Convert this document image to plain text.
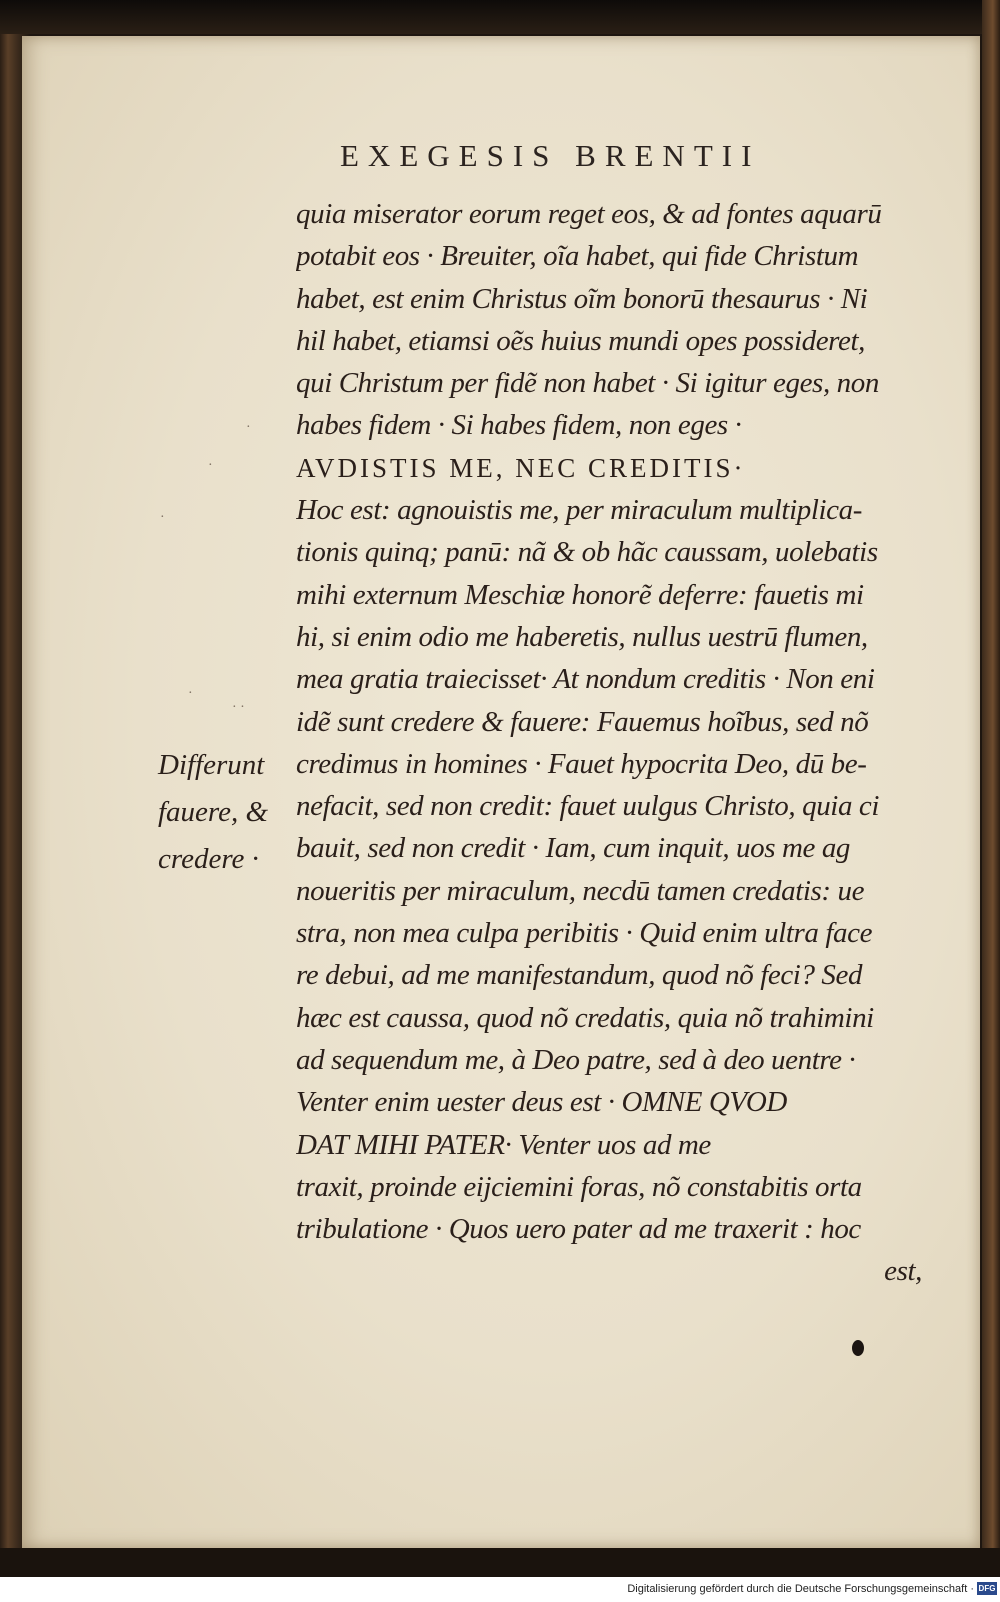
EXEGESIS BRENTII
quia miserator eorum reget eos, & ad fontes aquarū
potabit eos · Breuiter, oĩa habet, qui fide Christum
habet, est enim Christus oĩm bonorū thesaurus · Ni
hil habet, etiamsi oẽs huius mundi opes possideret,
qui Christum per fidẽ non habet · Si igitur eges, non
habes fidem · Si habes fidem, non eges ·
AVDISTIS ME, NEC CREDITIS·
Hoc est: agnouistis me, per miraculum multiplica-
tionis quinq; panū: nã & ob hãc caussam, uolebatis
mihi externum Meschiæ honorẽ deferre: fauetis mi
hi, si enim odio me haberetis, nullus uestrū flumen,
mea gratia traiecisset· At nondum creditis · Non eni
idẽ sunt credere & fauere: Fauemus hoĩbus, sed nõ
credimus in homines · Fauet hypocrita Deo, dū be-
nefacit, sed non credit: fauet uulgus Christo, quia ci
bauit, sed non credit · Iam, cum inquit, uos me ag
noueritis per miraculum, necdū tamen credatis: ue
stra, non mea culpa peribitis · Quid enim ultra face
re debui, ad me manifestandum, quod nõ feci? Sed
hæc est caussa, quod nõ credatis, quia nõ trahimini
ad sequendum me, à Deo patre, sed à deo uentre ·
Venter enim uester deus est · OMNE QVOD
DAT MIHI PATER· Venter uos ad me
traxit, proinde eijciemini foras, nõ constabitis orta
tribulatione · Quos uero pater ad me traxerit : hoc
est,
Differunt
fauere, &
credere ·
·
·
·
·
· ·
Digitalisierung gefördert durch die Deutsche Forschungsgemeinschaft · DFG
